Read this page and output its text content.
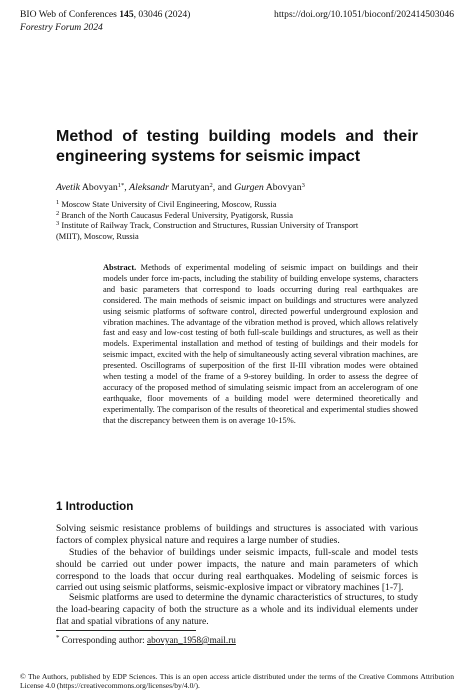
BIO Web of Conferences 145, 03046 (2024)	https://doi.org/10.1051/bioconf/202414503046
Forestry Forum 2024
Method of testing building models and their engineering systems for seismic impact
Avetik Abovyan$^{1*}$, Aleksandr Marutyan$^2$, and Gurgen Abovyan$^3$
$^1$ Moscow State University of Civil Engineering, Moscow, Russia
$^2$ Branch of the North Caucasus Federal University, Pyatigorsk, Russia
$^3$ Institute of Railway Track, Construction and Structures, Russian University of Transport (MIIT), Moscow, Russia
Abstract. Methods of experimental modeling of seismic impact on buildings and their models under force im-pacts, including the stability of building envelope systems, characters and basic parameters that correspond to loads occurring during real earthquakes are considered. The main methods of seismic impact on buildings and structures were analyzed using seismic platforms of software control, directed powerful underground explosion and vibration machines. The advantage of the vibration method is proved, which allows relatively fast and easy and low-cost testing of both full-scale buildings and structures, as well as their models. Experimental installation and method of testing of buildings and their models for seismic impact, excited with the help of simultaneously acting several vibration machines, are presented. Oscillograms of superposition of the first II-III vibration modes were obtained when testing a model of the frame of a 9-storey building. In order to assess the degree of accuracy of the proposed method of simulating seismic impact from an accelerogram of one earthquake, floor movements of a building model were determined theoretically and experimentally. The comparison of the results of theoretical and experimental studies showed that the discrepancy between them is on average 10-15%.
1 Introduction
Solving seismic resistance problems of buildings and structures is associated with various factors of complex physical nature and requires a large number of studies.
Studies of the behavior of buildings under seismic impacts, full-scale and model tests should be carried out under power impacts, the nature and main parameters of which correspond to the loads that occur during real earthquakes. Modeling of seismic forces is carried out using seismic platforms, seismic-explosive impact or vibratory machines [1-7].
Seismic platforms are used to determine the dynamic characteristics of structures, to study the load-bearing capacity of both the structure as a whole and its individual elements under flat and spatial vibrations of any nature.
* Corresponding author: abovyan_1958@mail.ru
© The Authors, published by EDP Sciences. This is an open access article distributed under the terms of the Creative Commons Attribution License 4.0 (https://creativecommons.org/licenses/by/4.0/).
